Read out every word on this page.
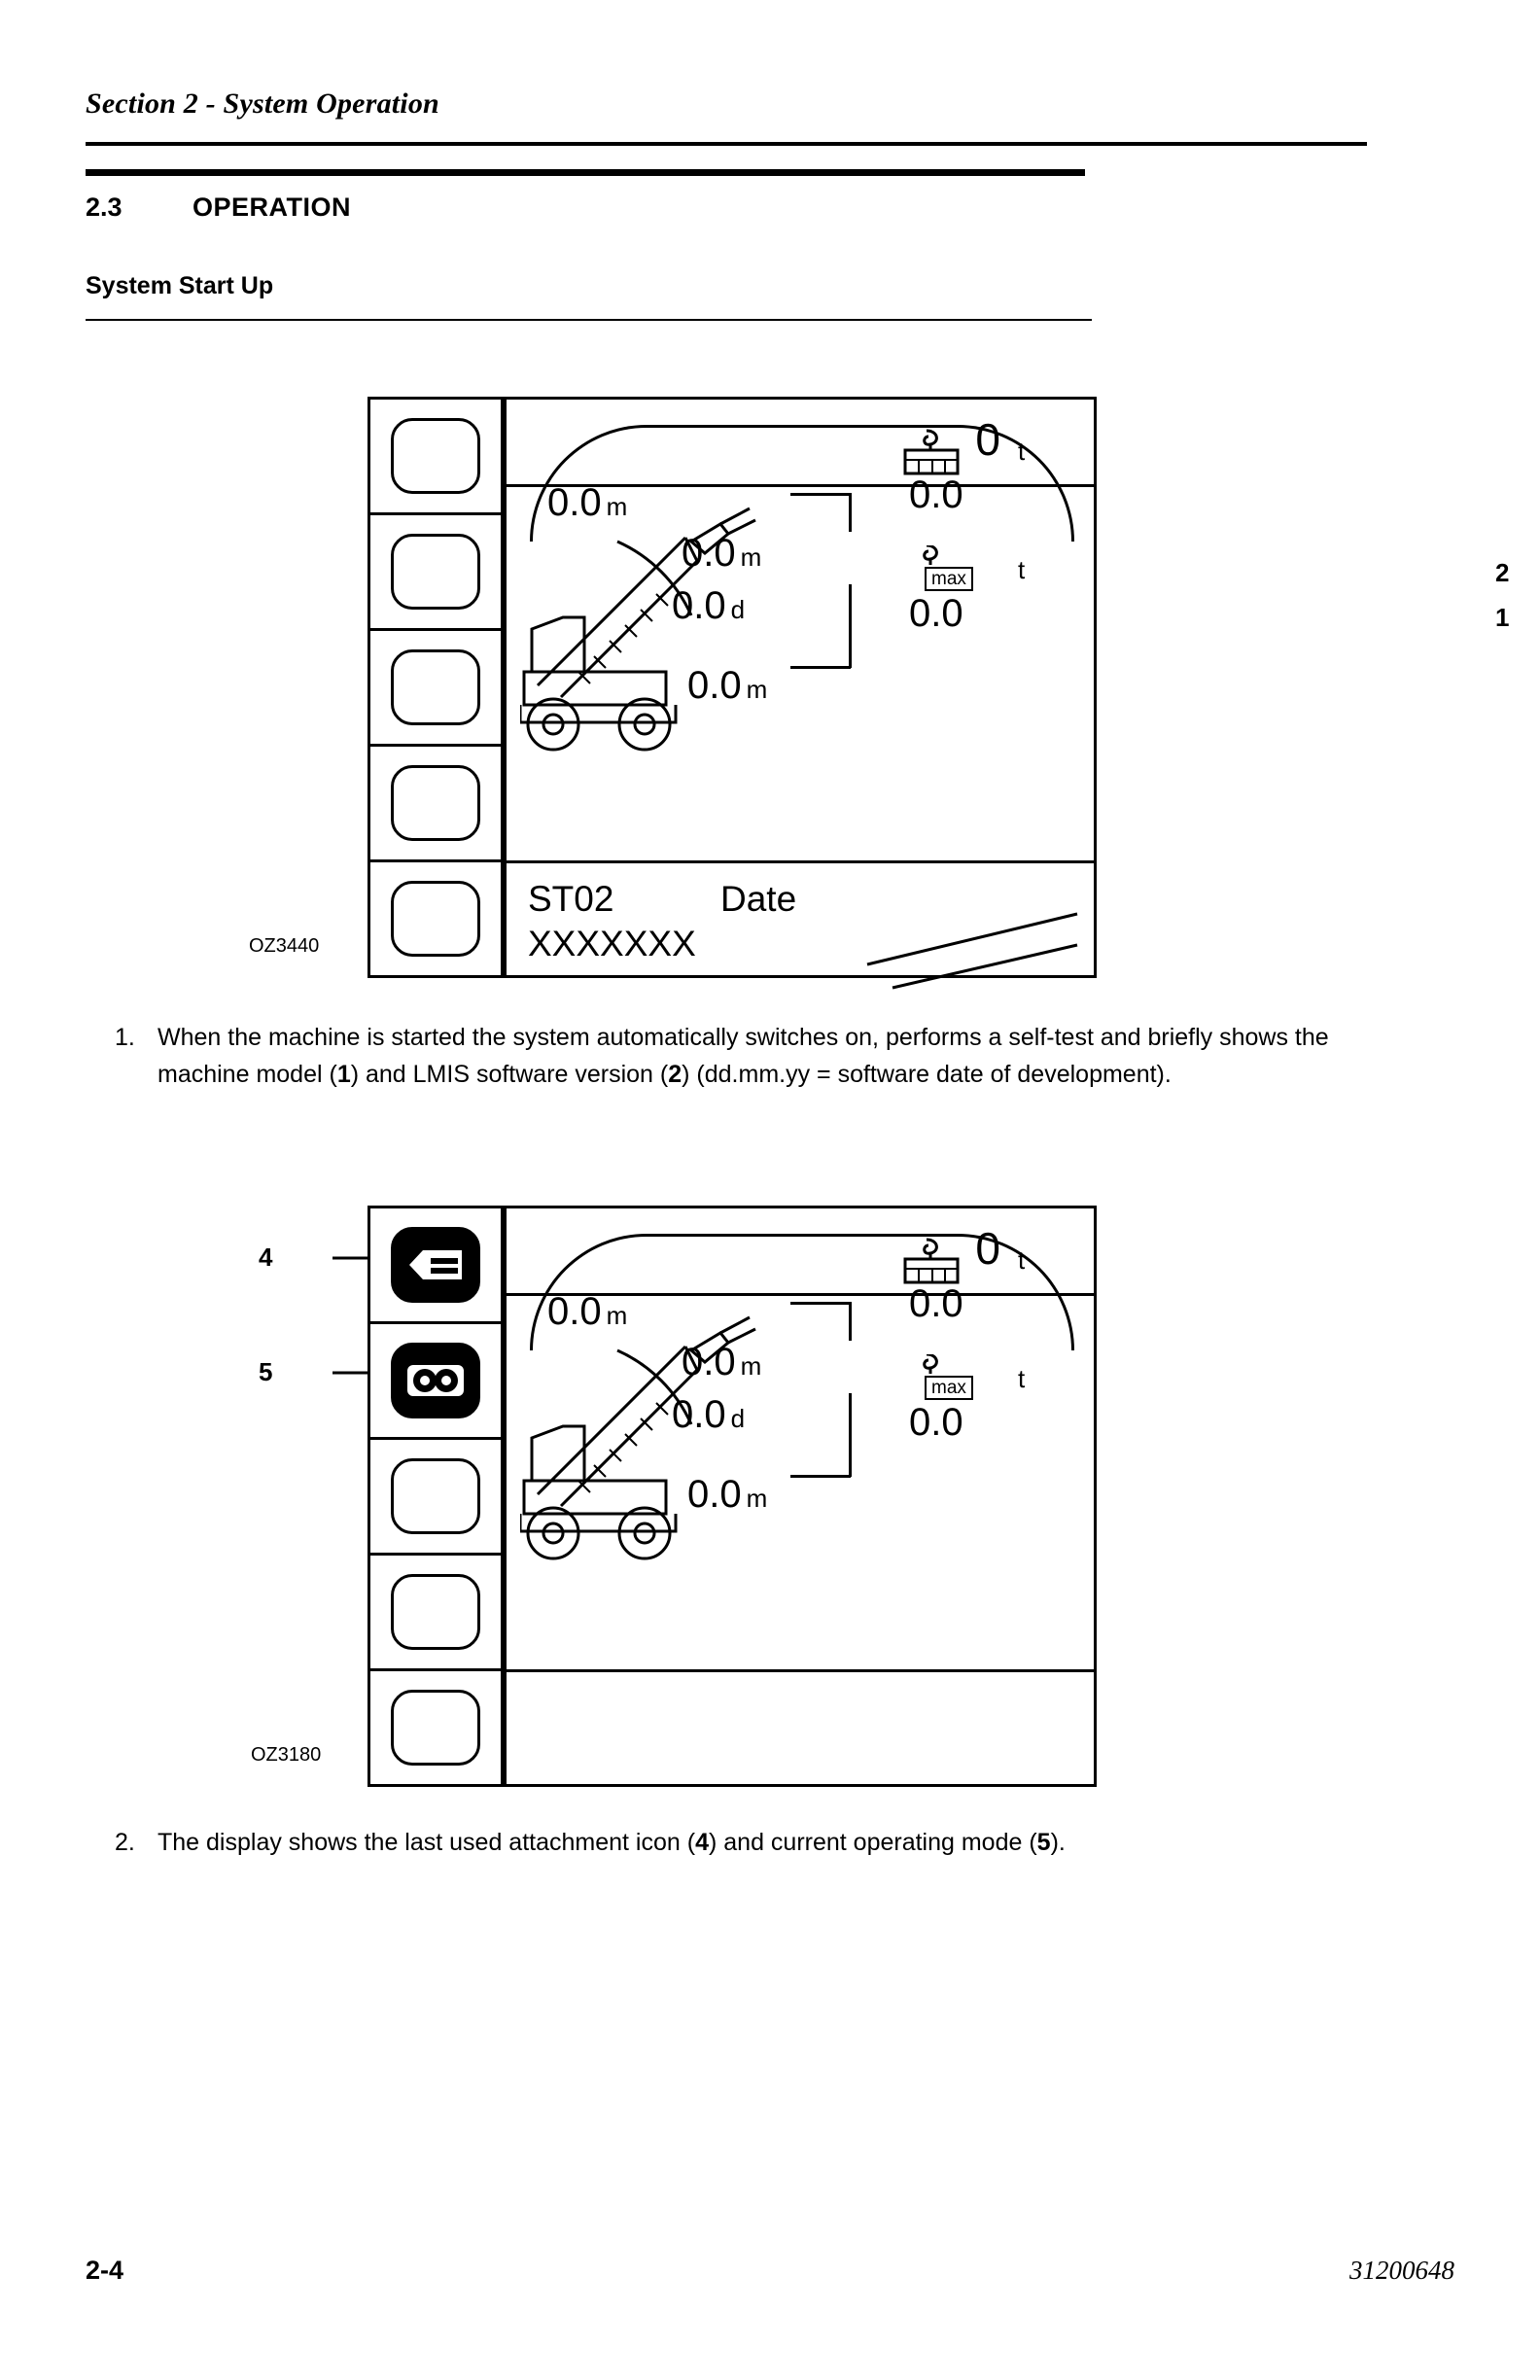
Section 2 - System Operation
2.3	OPERATION
System Start Up
0
0.0 m
0.0 m
0.0 d
0.0 m
t
0.0
max t
0.0
ST02	Date
XXXXXXX
OZ3440
2
1
1. When the machine is started the system automatically switches on, performs a self-test and briefly shows the machine model (1) and LMIS software version (2) (dd.mm.yy = software date of development).
0
0.0 m
0.0 m
0.0 d
0.0 m
t
0.0
max t
0.0
OZ3180
4
5
2. The display shows the last used attachment icon (4) and current operating mode (5).
2-4	31200648
